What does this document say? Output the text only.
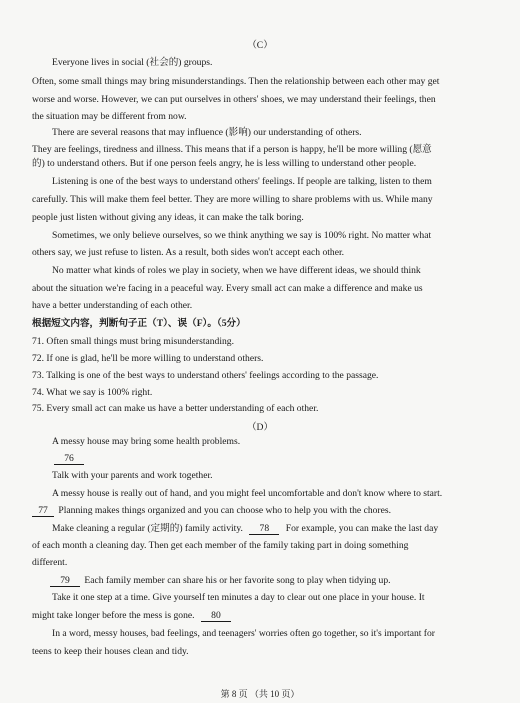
（C）
Everyone lives in social (社会的) groups.
Often, some small things may bring misunderstandings. Then the relationship between each other may get
worse and worse. However, we can put ourselves in others' shoes, we may understand their feelings, then
the situation may be different from now.
There are several reasons that may influence (影响) our understanding of others.
They are feelings, tiredness and illness. This means that if a person is happy, he'll be more willing (愿意
的) to understand others. But if one person feels angry, he is less willing to understand other people.
Listening is one of the best ways to understand others' feelings. If people are talking, listen to them
carefully. This will make them feel better. They are more willing to share problems with us. While many
people just listen without giving any ideas, it can make the talk boring.
Sometimes, we only believe ourselves, so we think anything we say is 100% right. No matter what
others say, we just refuse to listen. As a result, both sides won't accept each other.
No matter what kinds of roles we play in society, when we have different ideas, we should think
about the situation we're facing in a peaceful way. Every small act can make a difference and make us
have a better understanding of each other.
根据短文内容，判断句子正（T）、误（F）。（5分）
71. Often small things must bring misunderstanding.
72. If one is glad, he'll be more willing to understand others.
73. Talking is one of the best ways to understand others' feelings according to the passage.
74. What we say is 100% right.
75. Every small act can make us have a better understanding of each other.
（D）
A messy house may bring some health problems.
76
Talk with your parents and work together.
A messy house is really out of hand, and you might feel uncomfortable and don't know where to start.
77 Planning makes things organized and you can choose who to help you with the chores.
Make cleaning a regular (定期的) family activity. 78 For example, you can make the last day
of each month a cleaning day. Then get each member of the family taking part in doing something
different.
79 Each family member can share his or her favorite song to play when tidying up.
Take it one step at a time. Give yourself ten minutes a day to clear out one place in your house. It
might take longer before the mess is gone. 80
In a word, messy houses, bad feelings, and teenagers' worries often go together, so it's important for
teens to keep their houses clean and tidy.
第 8 页 （共 10 页）
